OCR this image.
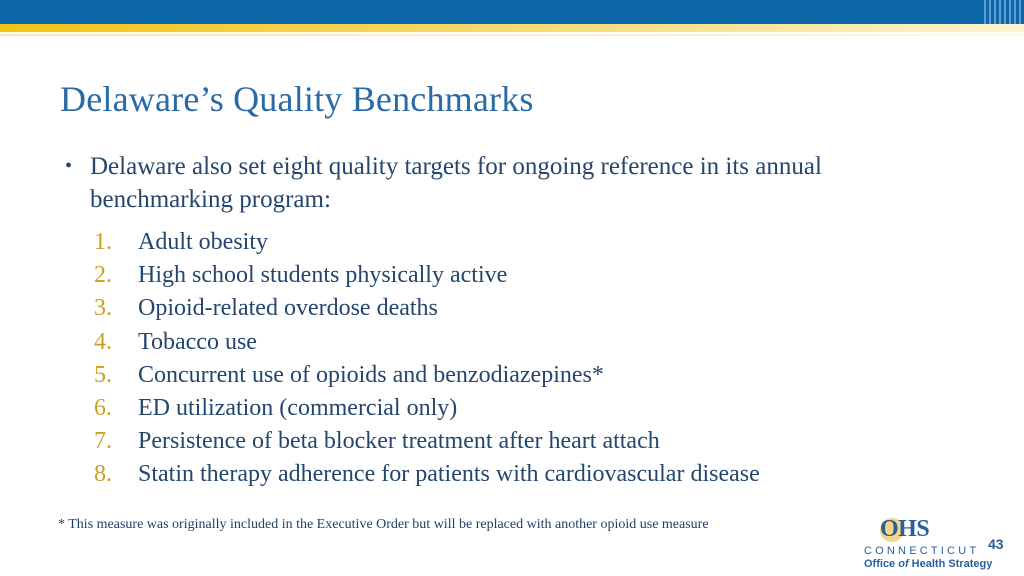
Delaware’s Quality Benchmarks
• Delaware also set eight quality targets for ongoing reference in its annual benchmarking program:
1. Adult obesity
2. High school students physically active
3. Opioid-related overdose deaths
4. Tobacco use
5. Concurrent use of opioids and benzodiazepines*
6. ED utilization (commercial only)
7. Persistence of beta blocker treatment after heart attach
8. Statin therapy adherence for patients with cardiovascular disease
* This measure was originally included in the Executive Order but will be replaced with another opioid use measure	OHS
CONNECTICUT
Office of Health Strategy
43
